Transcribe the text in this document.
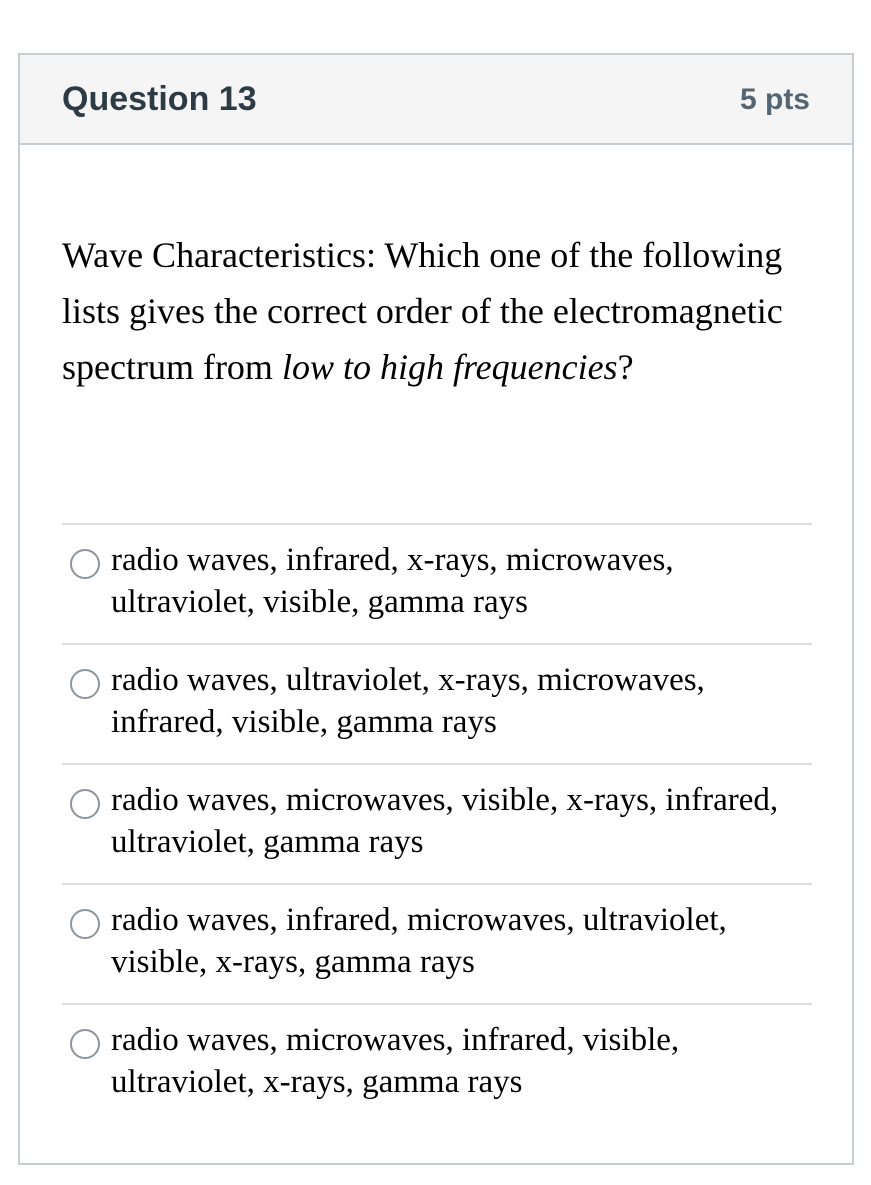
Question 13	5 pts
Wave Characteristics: Which one of the following lists gives the correct order of the electromagnetic spectrum from low to high frequencies?
radio waves, infrared, x-rays, microwaves, ultraviolet, visible, gamma rays
radio waves, ultraviolet, x-rays, microwaves, infrared, visible, gamma rays
radio waves, microwaves, visible, x-rays, infrared, ultraviolet, gamma rays
radio waves, infrared, microwaves, ultraviolet, visible, x-rays, gamma rays
radio waves, microwaves, infrared, visible, ultraviolet, x-rays, gamma rays
